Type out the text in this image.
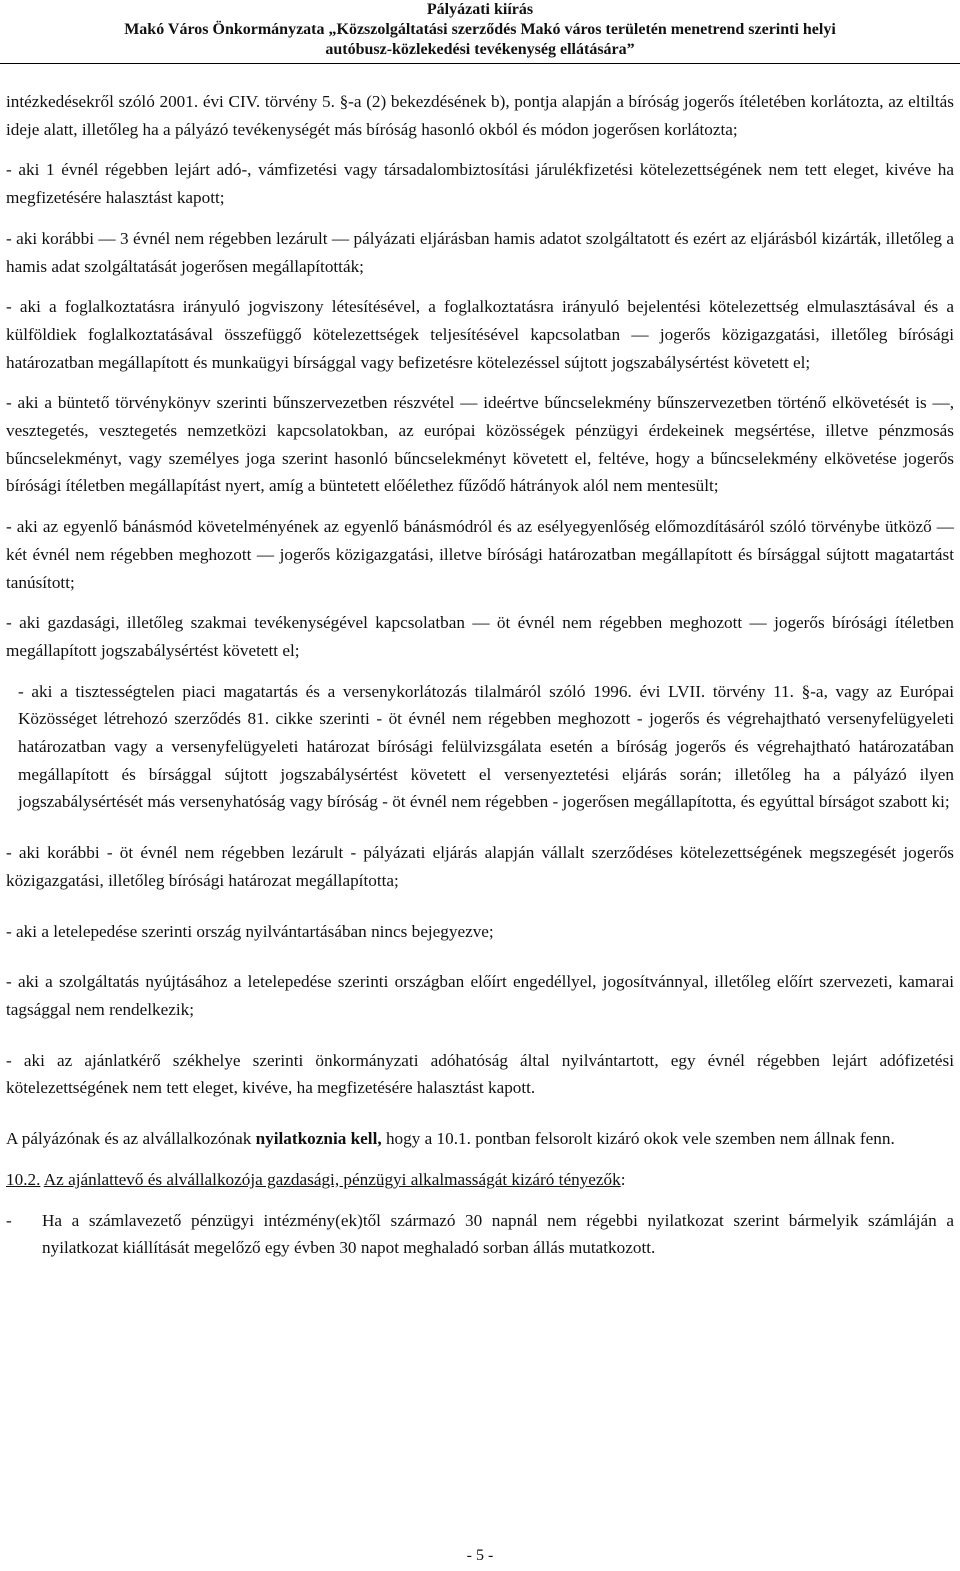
Pályázati kiírás
Makó Város Önkormányzata „Közszolgáltatási szerződés Makó város területén menetrend szerinti helyi
autóbusz-közlekedési tevékenység ellátására”

intézkedésekről szóló 2001. évi CIV. törvény 5. §-a (2) bekezdésének b), pontja alapján a bíróság jogerős ítéletében korlátozta, az eltiltás ideje alatt, illetőleg ha a pályázó tevékenységét más bíróság hasonló okból és módon jogerősen korlátozta;

- aki 1 évnél régebben lejárt adó-, vámfizetési vagy társadalombiztosítási járulékfizetési kötelezettségének nem tett eleget, kivéve ha megfizetésére halasztást kapott;

- aki korábbi — 3 évnél nem régebben lezárult — pályázati eljárásban hamis adatot szolgáltatott és ezért az eljárásból kizárták, illetőleg a hamis adat szolgáltatását jogerősen megállapították;

- aki a foglalkoztatásra irányuló jogviszony létesítésével, a foglalkoztatásra irányuló bejelentési kötelezettség elmulasztásával és a külföldiek foglalkoztatásával összefüggő kötelezettségek teljesítésével kapcsolatban — jogerős közigazgatási, illetőleg bírósági határozatban megállapított és munkaügyi bírsággal vagy befizetésre kötelezéssel sújtott jogszabálysértést követett el;

- aki a büntető törvénykönyv szerinti bűnszervezetben részvétel — ideértve bűncselekmény bűnszervezetben történő elkövetését is —, vesztegetés, vesztegetés nemzetközi kapcsolatokban, az európai közösségek pénzügyi érdekeinek megsértése, illetve pénzmosás bűncselekményt, vagy személyes joga szerint hasonló bűncselekményt követett el, feltéve, hogy a bűncselekmény elkövetése jogerős bírósági ítéletben megállapítást nyert, amíg a büntetett előélethez fűződő hátrányok alól nem mentesült;

- aki az egyenlő bánásmód követelményének az egyenlő bánásmódról és az esélyegyenlőség előmozdításáról szóló törvénybe ütköző — két évnél nem régebben meghozott — jogerős közigazgatási, illetve bírósági határozatban megállapított és bírsággal sújtott magatartást tanúsított;

- aki gazdasági, illetőleg szakmai tevékenységével kapcsolatban — öt évnél nem régebben meghozott — jogerős bírósági ítéletben megállapított jogszabálysértést követett el;

- aki a tisztességtelen piaci magatartás és a versenykorlátozás tilalmáról szóló 1996. évi LVII. törvény 11. §-a, vagy az Európai Közösséget létrehozó szerződés 81. cikke szerinti - öt évnél nem régebben meghozott - jogerős és végrehajtható versenyfelügyeleti határozatban vagy a versenyfelügyeleti határozat bírósági felülvizsgálata esetén a bíróság jogerős és végrehajtható határozatában megállapított és bírsággal sújtott jogszabálysértést követett el versenyeztetési eljárás során; illetőleg ha a pályázó ilyen jogszabálysértését más versenyhatóság vagy bíróság - öt évnél nem régebben - jogerősen megállapította, és egyúttal bírságot szabott ki;

- aki korábbi - öt évnél nem régebben lezárult - pályázati eljárás alapján vállalt szerződéses kötelezettségének megszegését jogerős közigazgatási, illetőleg bírósági határozat megállapította;

- aki a letelepedése szerinti ország nyilvántartásában nincs bejegyezve;

- aki a szolgáltatás nyújtásához a letelepedése szerinti országban előírt engedéllyel, jogosítvánnyal, illetőleg előírt szervezeti, kamarai tagsággal nem rendelkezik;

- aki az ajánlatkérő székhelye szerinti önkormányzati adóhatóság által nyilvántartott, egy évnél régebben lejárt adófizetési kötelezettségének nem tett eleget, kivéve, ha megfizetésére halasztást kapott.

A pályázónak és az alvállalkozónak nyilatkoznia kell, hogy a 10.1. pontban felsorolt kizáró okok vele szemben nem állnak fenn.

10.2. Az ajánlattevő és alvállalkozója gazdasági, pénzügyi alkalmasságát kizáró tényezők:

-	Ha a számlavezető pénzügyi intézmény(ek)től származó 30 napnál nem régebbi nyilatkozat szerint bármelyik számláján a nyilatkozat kiállítását megelőző egy évben 30 napot meghaladó sorban állás mutatkozott.
- 5 -
